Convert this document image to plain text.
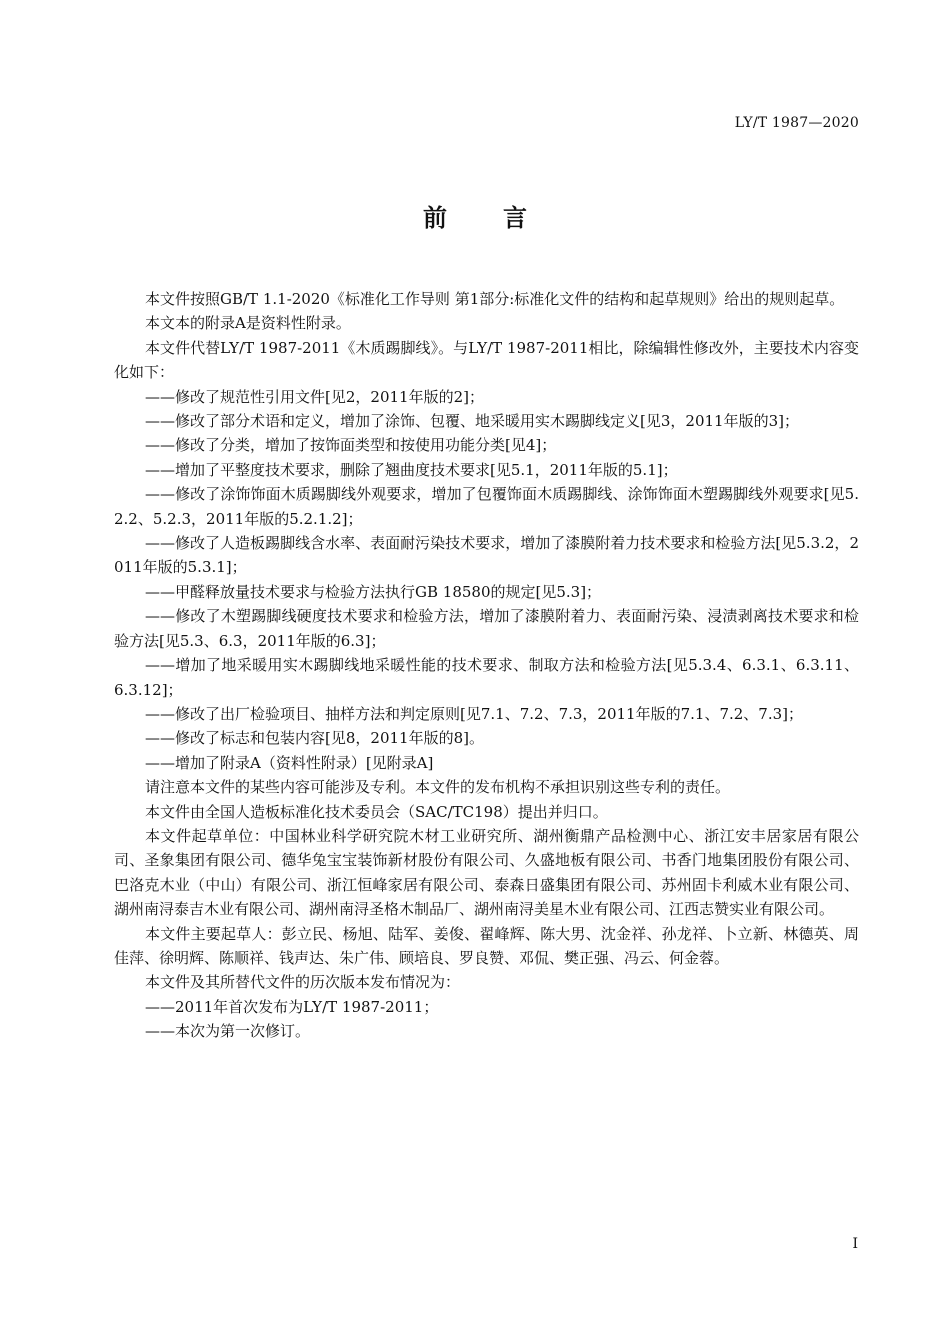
LY/T 1987—2020
前 言

本文件按照GB/T 1.1-2020《标准化工作导则 第1部分:标准化文件的结构和起草规则》给出的规则起草。

本文本的附录A是资料性附录。

本文件代替LY/T 1987-2011《木质踢脚线》。与LY/T 1987-2011相比，除编辑性修改外，主要技术内容变化如下：

——修改了规范性引用文件[见2，2011年版的2]；

——修改了部分术语和定义，增加了涂饰、包覆、地采暖用实木踢脚线定义[见3，2011年版的3]；

——修改了分类，增加了按饰面类型和按使用功能分类[见4]；

——增加了平整度技术要求，删除了翘曲度技术要求[见5.1，2011年版的5.1]；

——修改了涂饰饰面木质踢脚线外观要求，增加了包覆饰面木质踢脚线、涂饰饰面木塑踢脚线外观要求[见5.2.2、5.2.3，2011年版的5.2.1.2]；

——修改了人造板踢脚线含水率、表面耐污染技术要求，增加了漆膜附着力技术要求和检验方法[见5.3.2，2011年版的5.3.1]；

——甲醛释放量技术要求与检验方法执行GB 18580的规定[见5.3]；

——修改了木塑踢脚线硬度技术要求和检验方法，增加了漆膜附着力、表面耐污染、浸渍剥离技术要求和检验方法[见5.3、6.3，2011年版的6.3]；

——增加了地采暖用实木踢脚线地采暖性能的技术要求、制取方法和检验方法[见5.3.4、6.3.1、6.3.11、6.3.12]；

——修改了出厂检验项目、抽样方法和判定原则[见7.1、7.2、7.3，2011年版的7.1、7.2、7.3]；

——修改了标志和包装内容[见8，2011年版的8]。

——增加了附录A（资料性附录）[见附录A]

请注意本文件的某些内容可能涉及专利。本文件的发布机构不承担识别这些专利的责任。

本文件由全国人造板标准化技术委员会（SAC/TC198）提出并归口。

本文件起草单位：中国林业科学研究院木材工业研究所、湖州衡鼎产品检测中心、浙江安丰居家居有限公司、圣象集团有限公司、德华兔宝宝装饰新材股份有限公司、久盛地板有限公司、书香门地集团股份有限公司、巴洛克木业（中山）有限公司、浙江恒峰家居有限公司、泰森日盛集团有限公司、苏州固卡利威木业有限公司、湖州南浔泰吉木业有限公司、湖州南浔圣格木制品厂、湖州南浔美星木业有限公司、江西志赞实业有限公司。

本文件主要起草人：彭立民、杨旭、陆军、姜俊、翟峰辉、陈大男、沈金祥、孙龙祥、卜立新、林德英、周佳萍、徐明辉、陈顺祥、钱声达、朱广伟、顾培良、罗良赞、邓侃、樊正强、冯云、何金蓉。

本文件及其所替代文件的历次版本发布情况为：

——2011年首次发布为LY/T 1987-2011；

——本次为第一次修订。

I
